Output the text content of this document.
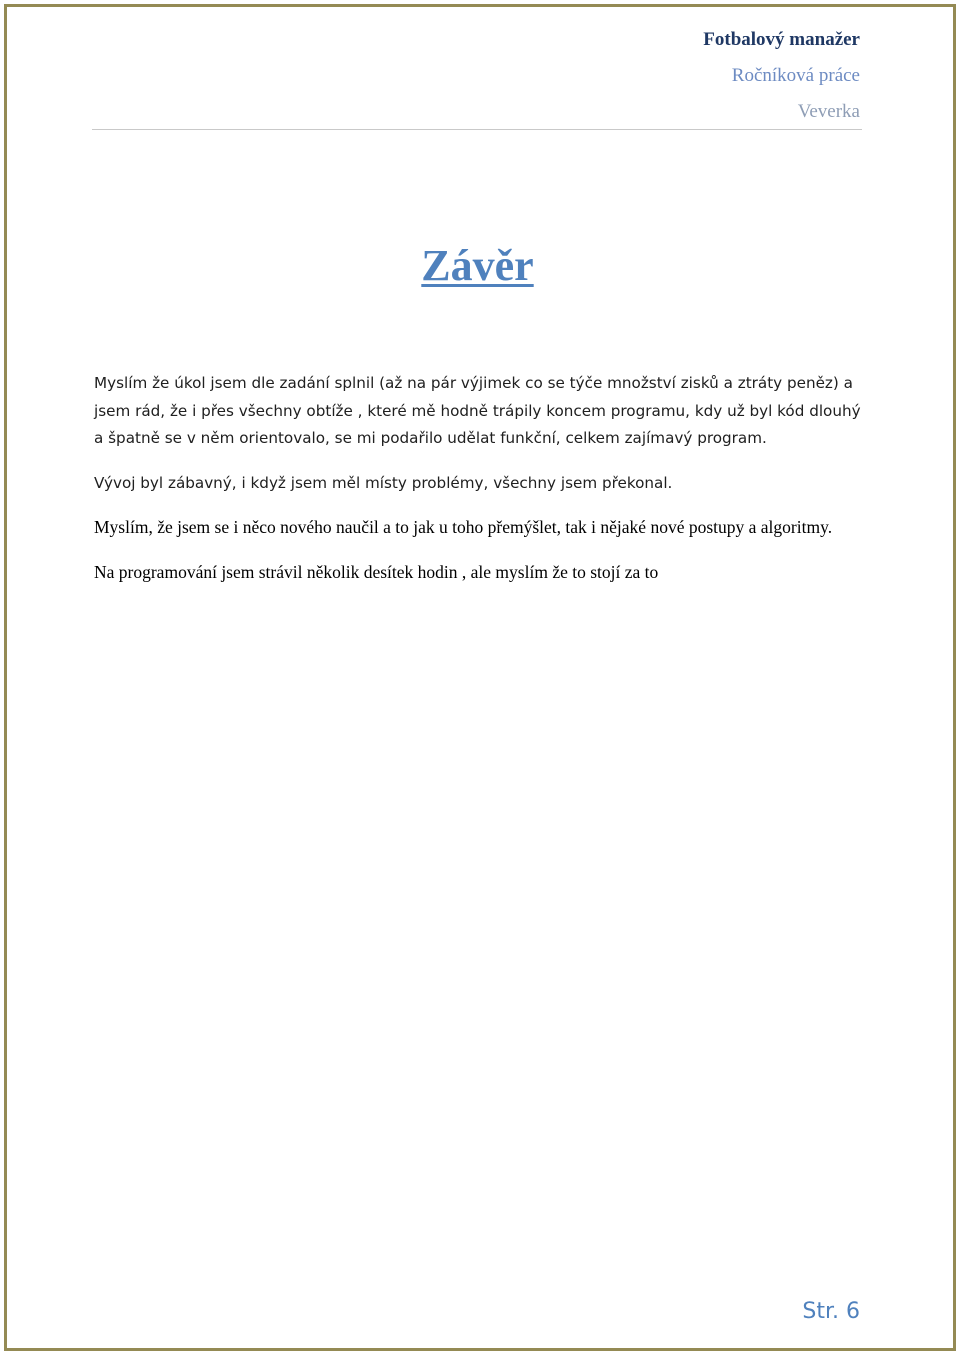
Fotbalový manažer
Ročníková práce
Veverka
Závěr

Myslím že úkol jsem dle zadání splnil (až na pár výjimek co se týče množství zisků a ztráty peněz) a jsem rád, že i přes všechny obtíže , které mě hodně trápily koncem programu, kdy už byl kód dlouhý a špatně se v něm orientovalo, se mi podařilo udělat funkční, celkem zajímavý program.

Vývoj byl zábavný, i když jsem měl místy problémy, všechny jsem překonal.

Myslím, že jsem se i něco nového naučil a to jak u toho přemýšlet, tak i nějaké nové postupy a algoritmy.

Na programování jsem strávil několik desítek hodin , ale myslím že to stojí za to

Str. 6
